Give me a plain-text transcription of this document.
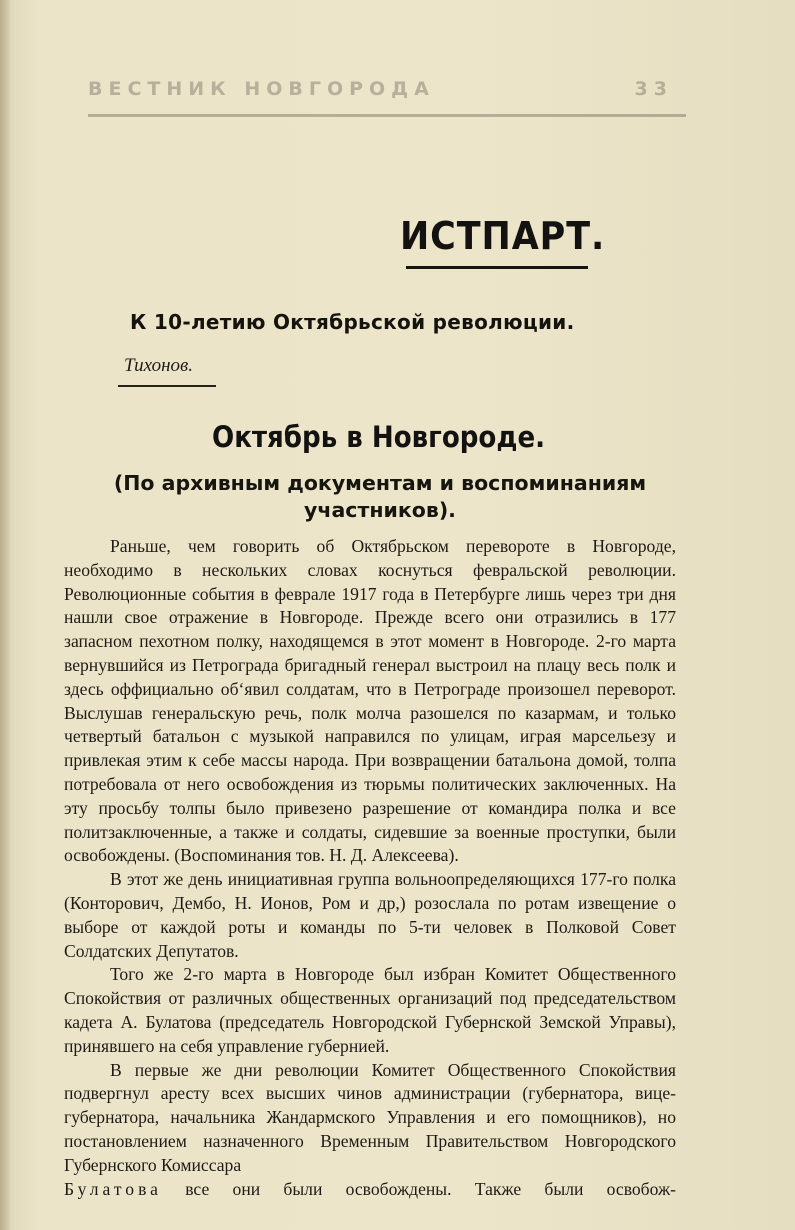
ВЕСТНИК НОВГОРОДА	33
ИСТПАРТ.
К 10-летию Октябрьской революции.
Тихонов.
Октябрь в Новгороде.
(По архивным документам и воспоминаниям участников).

Раньше, чем говорить об Октябрьском перевороте в Новгороде, необходимо в нескольких словах коснуться февральской революции. Революционные события в феврале 1917 года в Петербурге лишь через три дня нашли свое отражение в Новгороде. Прежде всего они отразились в 177 запасном пехотном полку, находящемся в этот момент в Новгороде. 2-го марта вернувшийся из Петрограда бригадный генерал выстроил на плацу весь полк и здесь оффициально об‘явил солдатам, что в Петрограде произошел переворот. Выслушав генеральскую речь, полк молча разошелся по казармам, и только четвертый батальон с музыкой направился по улицам, играя марсельезу и привлекая этим к себе массы народа. При возвращении батальона домой, толпа потребовала от него освобождения из тюрьмы политических заключенных. На эту просьбу толпы было привезено разрешение от командира полка и все политзаключенные, а также и солдаты, сидевшие за военные проступки, были освобождены. (Воспоминания тов. Н. Д. Алексеева).

В этот же день инициативная группа вольноопределяющихся 177-го полка (Конторович, Дембо, Н. Ионов, Ром и др,) розослала по ротам извещение о выборе от каждой роты и команды по 5-ти человек в Полковой Совет Солдатских Депутатов.

Того же 2-го марта в Новгороде был избран Комитет Общественного Спокойствия от различных общественных организаций под председательством кадета А. Булатова (председатель Новгородской Губернской Земской Управы), принявшего на себя управление губернией.

В первые же дни революции Комитет Общественного Спокойствия подвергнул аресту всех высших чинов администрации (губернатора, вице-губернатора, начальника Жандармского Управления и его помощников), но постановлением назначенного Временным Правительством Новгородского Губернского Комиссара

Булатова все они были освобождены. Также были освобож-
